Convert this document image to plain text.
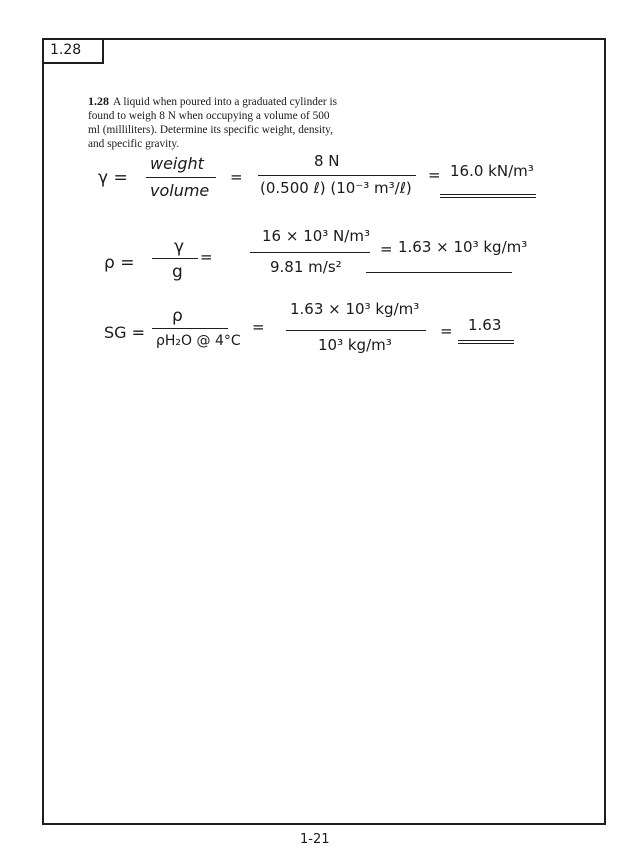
1.28
1.28 A liquid when poured into a graduated cylinder is found to weigh 8 N when occupying a volume of 500 ml (milliliters). Determine its specific weight, density, and specific gravity.
γ =
weight
volume
=
8 N
(0.500 ℓ) (10⁻³ m³/ℓ)
= 16.0 kN/m³
ρ =
γ
g
=
16 × 10³ N/m³
9.81 m/s²
= 1.63 × 10³ kg/m³
SG =
ρ
ρH₂O @ 4°C
=
1.63 × 10³ kg/m³
10³ kg/m³
= 1.63
1-21
